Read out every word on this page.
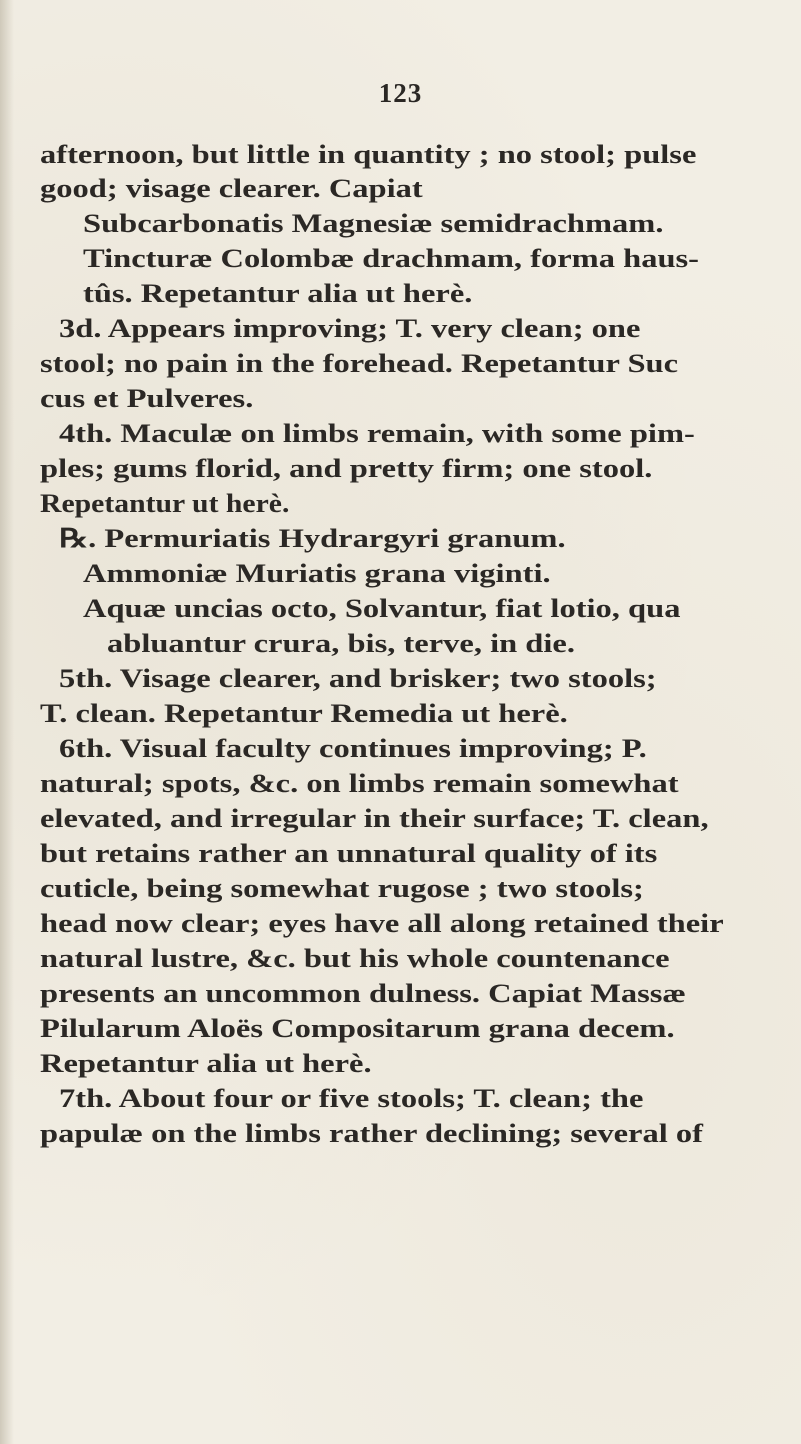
123
afternoon, but little in quantity ; no stool; pulse
good; visage clearer. Capiat
Subcarbonatis Magnesiæ semidrachmam.
Tincturæ Colombæ drachmam, forma haus-
tûs. Repetantur alia ut herè.
3d. Appears improving; T. very clean; one
stool; no pain in the forehead. Repetantur Suc
cus et Pulveres.
4th. Maculæ on limbs remain, with some pim-
ples; gums florid, and pretty firm; one stool.
Repetantur ut herè.
℞. Permuriatis Hydrargyri granum.
Ammoniæ Muriatis grana viginti.
Aquæ uncias octo, Solvantur, fiat lotio, qua
abluantur crura, bis, terve, in die.
5th. Visage clearer, and brisker; two stools;
T. clean. Repetantur Remedia ut herè.
6th. Visual faculty continues improving; P.
natural; spots, &c. on limbs remain somewhat
elevated, and irregular in their surface; T. clean,
but retains rather an unnatural quality of its
cuticle, being somewhat rugose ; two stools;
head now clear; eyes have all along retained their
natural lustre, &c. but his whole countenance
presents an uncommon dulness. Capiat Massæ
Pilularum Aloës Compositarum grana decem.
Repetantur alia ut herè.
7th. About four or five stools; T. clean; the
papulæ on the limbs rather declining; several of
